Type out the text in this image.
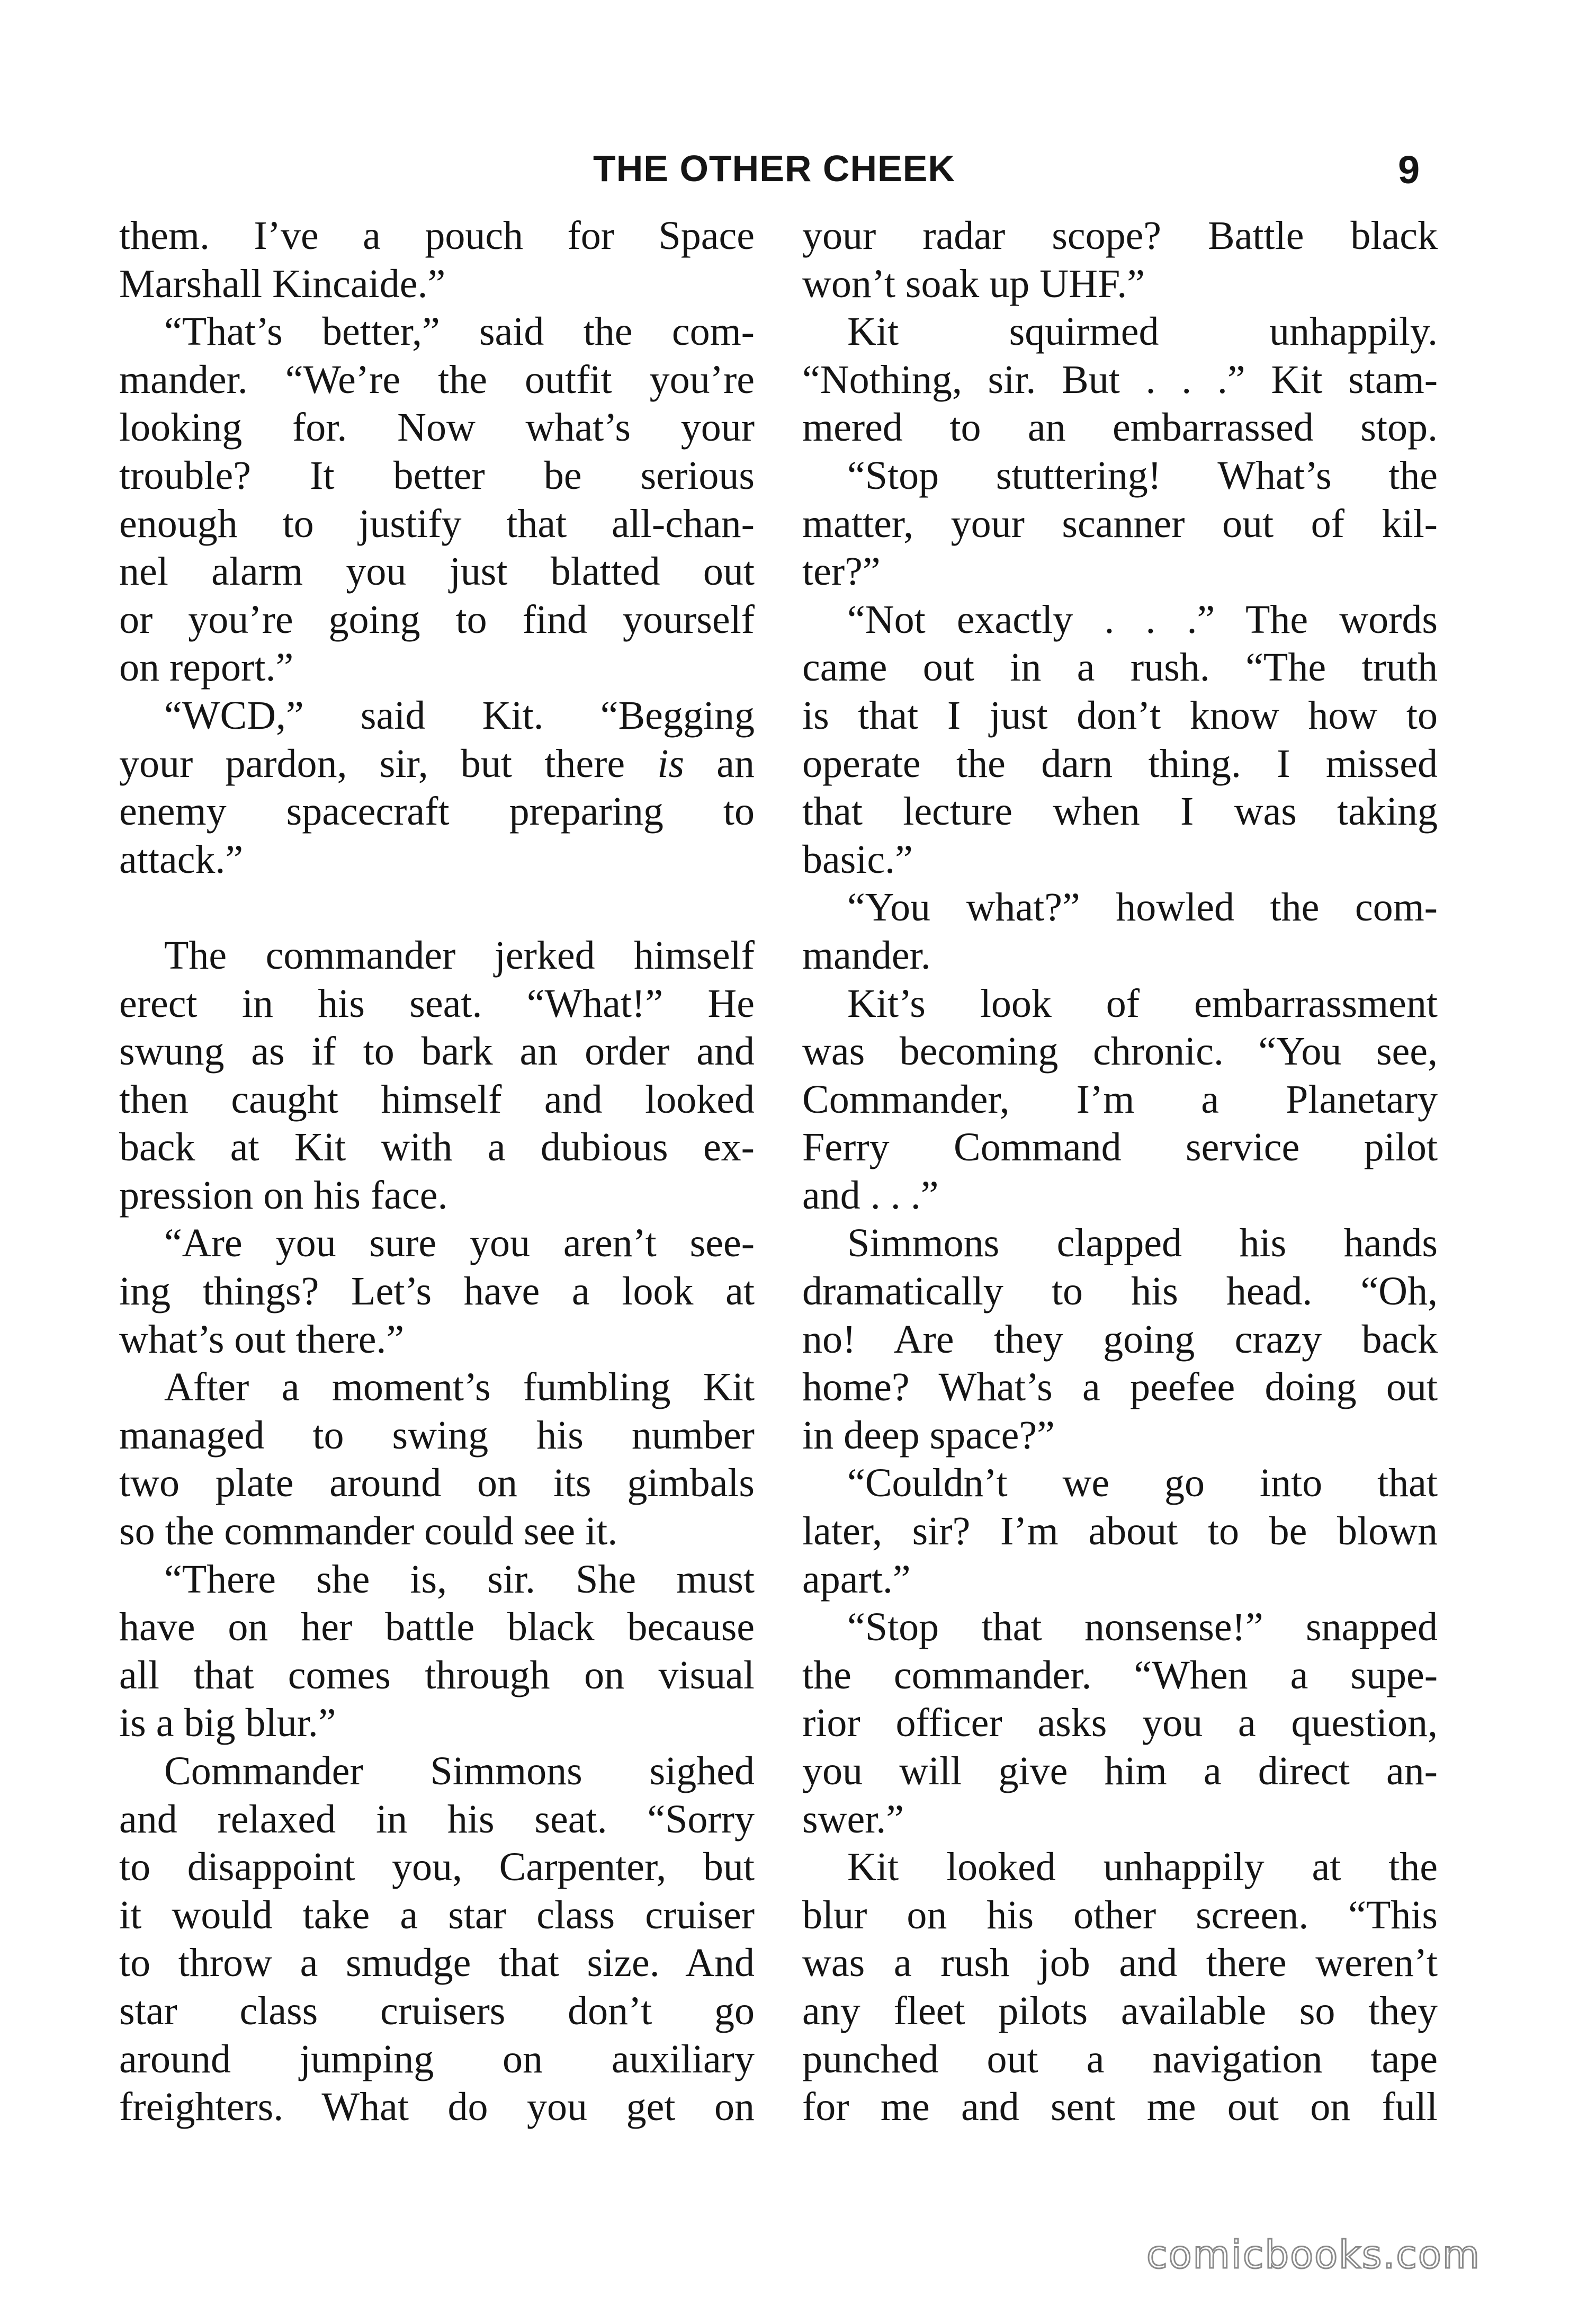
THE OTHER CHEEK	9
them. I’ve a pouch for Space
Marshall Kincaide.”
“That’s better,” said the com-
mander. “We’re the outfit you’re
looking for. Now what’s your
trouble? It better be serious
enough to justify that all-chan-
nel alarm you just blatted out
or you’re going to find yourself
on report.”
“WCD,” said Kit. “Begging
your pardon, sir, but there is an
enemy spacecraft preparing to
attack.”
The commander jerked himself
erect in his seat. “What!” He
swung as if to bark an order and
then caught himself and looked
back at Kit with a dubious ex-
pression on his face.
“Are you sure you aren’t see-
ing things? Let’s have a look at
what’s out there.”
After a moment’s fumbling Kit
managed to swing his number
two plate around on its gimbals
so the commander could see it.
“There she is, sir. She must
have on her battle black because
all that comes through on visual
is a big blur.”
Commander Simmons sighed
and relaxed in his seat. “Sorry
to disappoint you, Carpenter, but
it would take a star class cruiser
to throw a smudge that size. And
star class cruisers don’t go
around jumping on auxiliary
freighters. What do you get on
your radar scope? Battle black
won’t soak up UHF.”
Kit squirmed unhappily.
“Nothing, sir. But . . .” Kit stam-
mered to an embarrassed stop.
“Stop stuttering! What’s the
matter, your scanner out of kil-
ter?”
“Not exactly . . .” The words
came out in a rush. “The truth
is that I just don’t know how to
operate the darn thing. I missed
that lecture when I was taking
basic.”
“You what?” howled the com-
mander.
Kit’s look of embarrassment
was becoming chronic. “You see,
Commander, I’m a Planetary
Ferry Command service pilot
and . . .”
Simmons clapped his hands
dramatically to his head. “Oh,
no! Are they going crazy back
home? What’s a peefee doing out
in deep space?”
“Couldn’t we go into that
later, sir? I’m about to be blown
apart.”
“Stop that nonsense!” snapped
the commander. “When a supe-
rior officer asks you a question,
you will give him a direct an-
swer.”
Kit looked unhappily at the
blur on his other screen. “This
was a rush job and there weren’t
any fleet pilots available so they
punched out a navigation tape
for me and sent me out on full
comicbooks.com
